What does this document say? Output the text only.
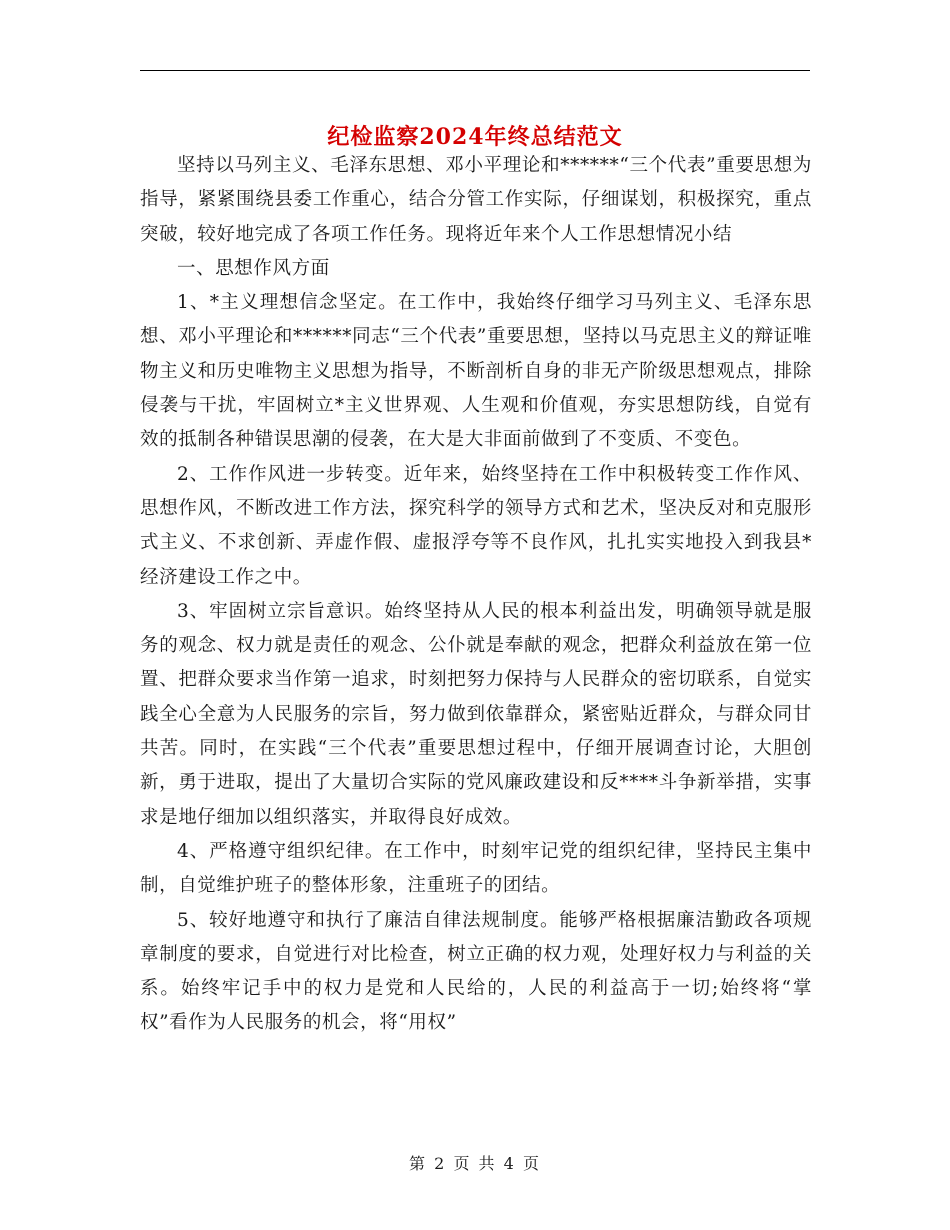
纪检监察2024年终总结范文

坚持以马列主义、毛泽东思想、邓小平理论和******“三个代表”重要思想为指导，紧紧围绕县委工作重心，结合分管工作实际，仔细谋划，积极探究，重点突破，较好地完成了各项工作任务。现将近年来个人工作思想情况小结

一、思想作风方面

1、*主义理想信念坚定。在工作中，我始终仔细学习马列主义、毛泽东思想、邓小平理论和******同志“三个代表”重要思想，坚持以马克思主义的辩证唯物主义和历史唯物主义思想为指导，不断剖析自身的非无产阶级思想观点，排除侵袭与干扰，牢固树立*主义世界观、人生观和价值观，夯实思想防线，自觉有效的抵制各种错误思潮的侵袭，在大是大非面前做到了不变质、不变色。

2、工作作风进一步转变。近年来，始终坚持在工作中积极转变工作作风、思想作风，不断改进工作方法，探究科学的领导方式和艺术，坚决反对和克服形式主义、不求创新、弄虚作假、虚报浮夸等不良作风，扎扎实实地投入到我县*经济建设工作之中。

3、牢固树立宗旨意识。始终坚持从人民的根本利益出发，明确领导就是服务的观念、权力就是责任的观念、公仆就是奉献的观念，把群众利益放在第一位置、把群众要求当作第一追求，时刻把努力保持与人民群众的密切联系，自觉实践全心全意为人民服务的宗旨，努力做到依靠群众，紧密贴近群众，与群众同甘共苦。同时，在实践“三个代表”重要思想过程中，仔细开展调查讨论，大胆创新，勇于进取，提出了大量切合实际的党风廉政建设和反****斗争新举措，实事求是地仔细加以组织落实，并取得良好成效。

4、严格遵守组织纪律。在工作中，时刻牢记党的组织纪律，坚持民主集中制，自觉维护班子的整体形象，注重班子的团结。

5、较好地遵守和执行了廉洁自律法规制度。能够严格根据廉洁勤政各项规章制度的要求，自觉进行对比检查，树立正确的权力观，处理好权力与利益的关系。始终牢记手中的权力是党和人民给的，人民的利益高于一切;始终将“掌权”看作为人民服务的机会，将“用权”

第 2 页 共 4 页
